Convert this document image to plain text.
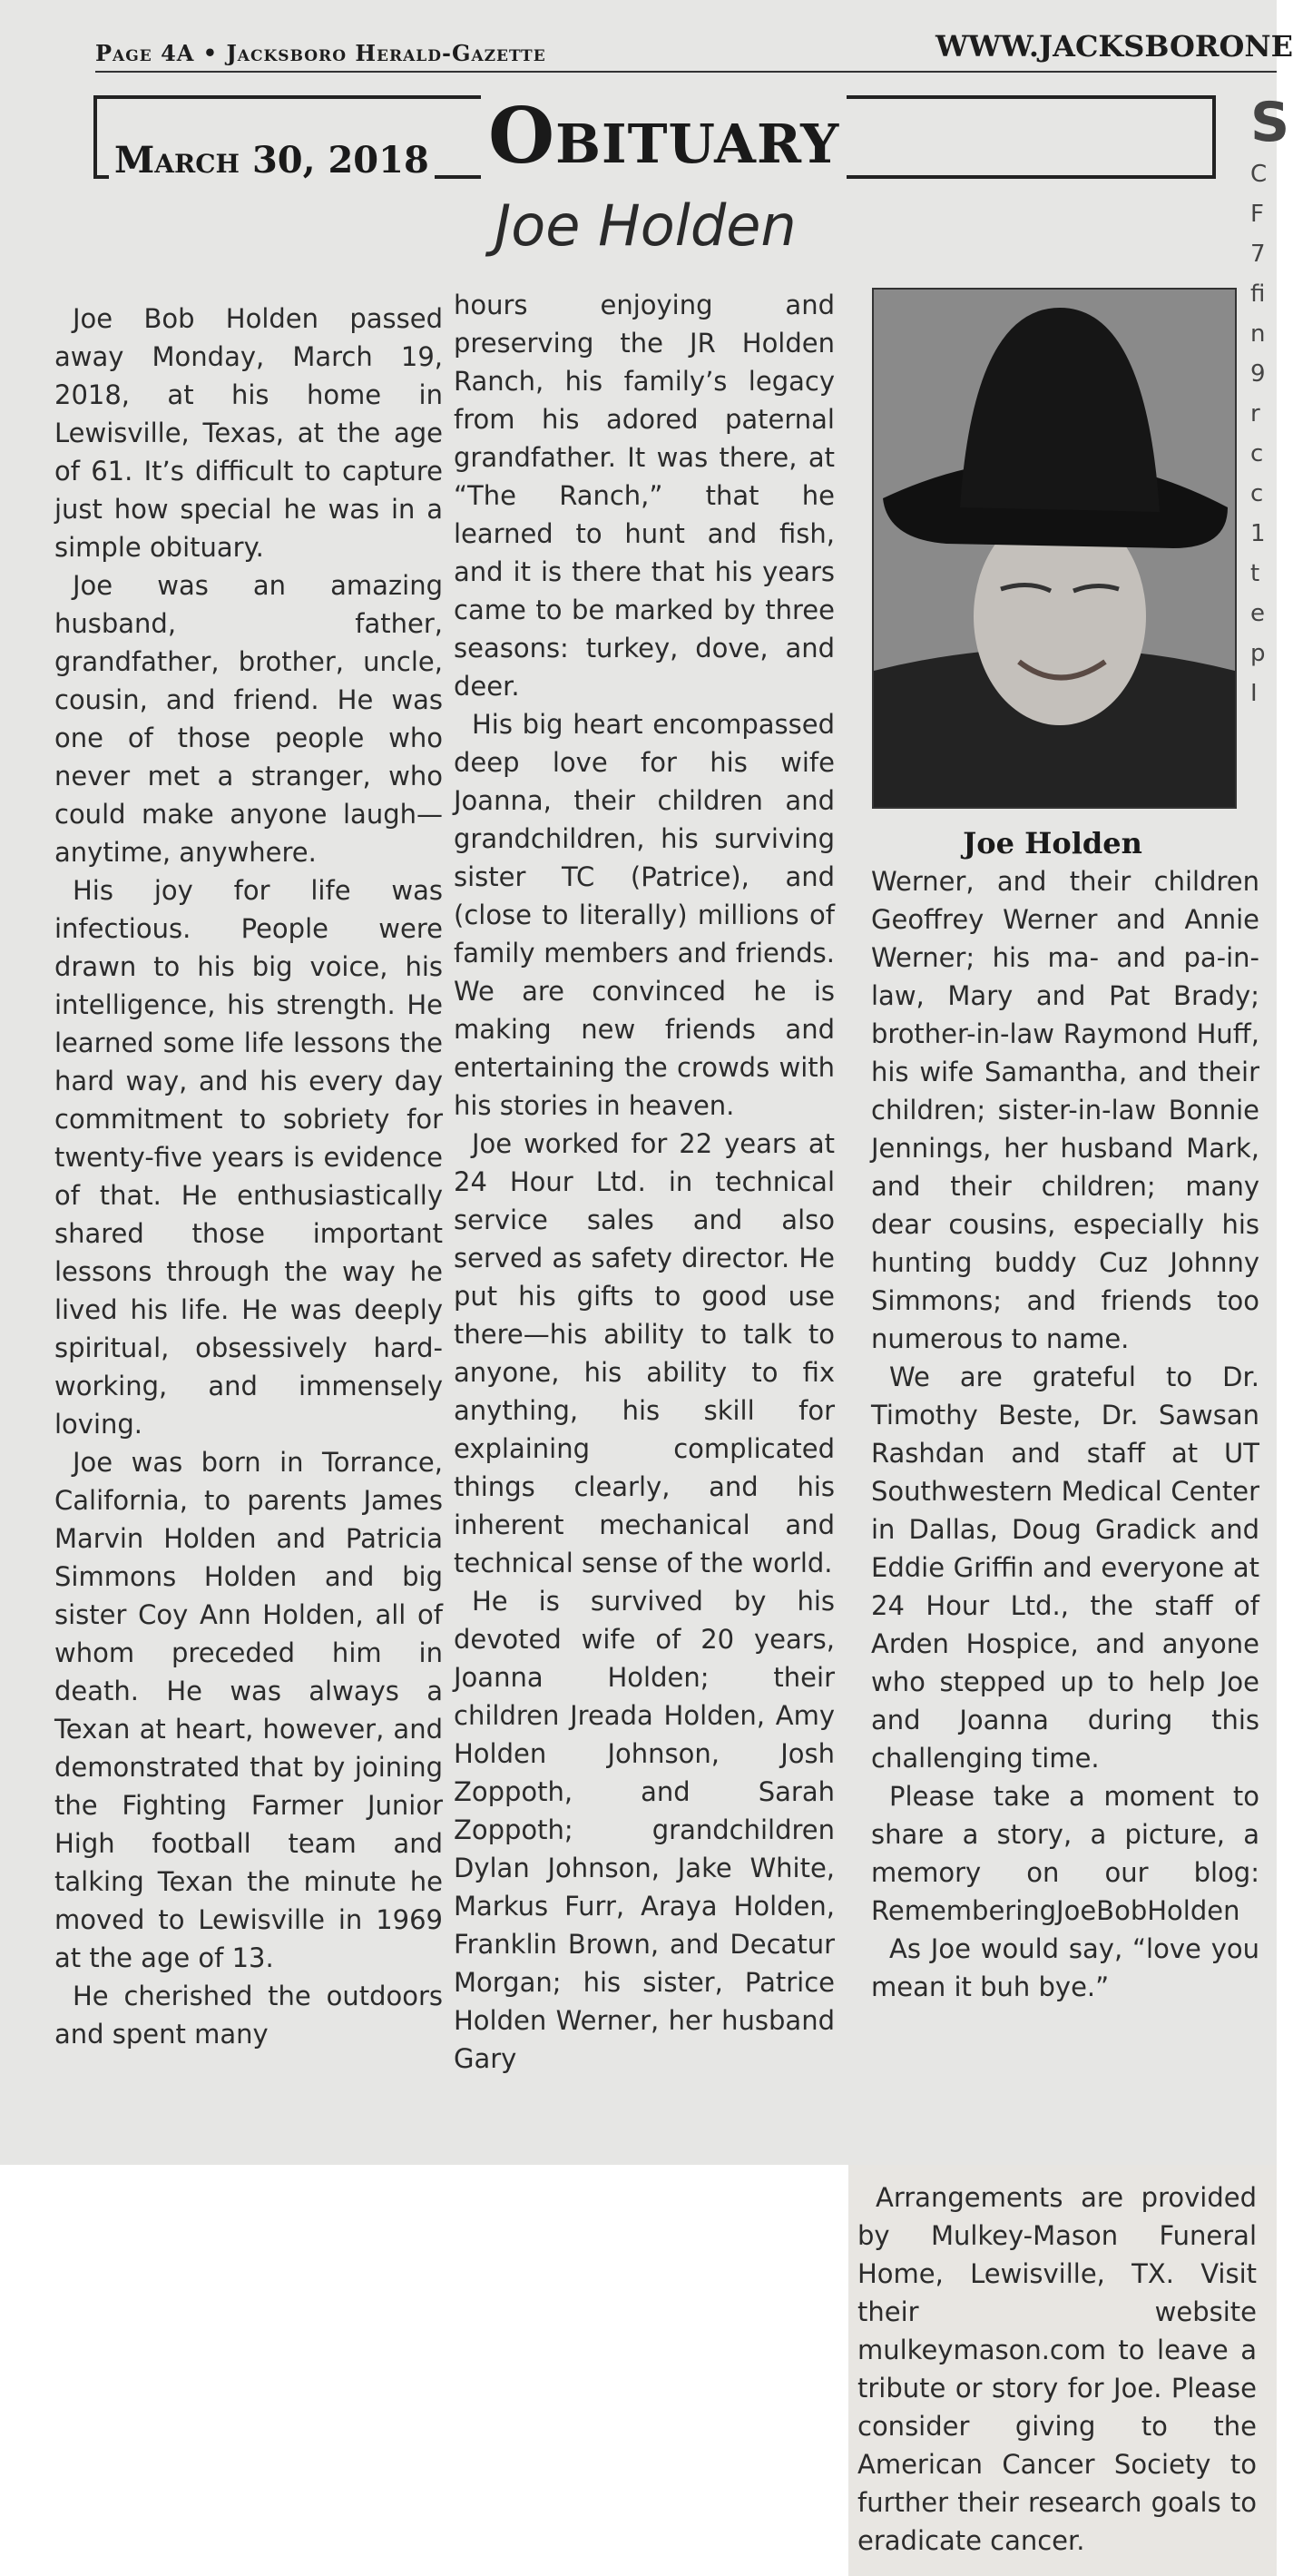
Page 4A • Jacksboro Herald-Gazette	WWW.JACKSBORONE
March 30, 2018 Obituary
Joe Holden

Joe Bob Holden passed away Monday, March 19, 2018, at his home in Lewisville, Texas, at the age of 61. It’s difficult to capture just how special he was in a simple obituary.

Joe was an amazing husband, father, grandfather, brother, uncle, cousin, and friend. He was one of those people who never met a stranger, who could make anyone laugh—anytime, anywhere.

His joy for life was infectious. People were drawn to his big voice, his intelligence, his strength. He learned some life lessons the hard way, and his every day commitment to sobriety for twenty-five years is evidence of that. He enthusiastically shared those important lessons through the way he lived his life. He was deeply spiritual, obsessively hard-working, and immensely loving.

Joe was born in Torrance, California, to parents James Marvin Holden and Patricia Simmons Holden and big sister Coy Ann Holden, all of whom preceded him in death. He was always a Texan at heart, however, and demonstrated that by joining the Fighting Farmer Junior High football team and talking Texan the minute he moved to Lewisville in 1969 at the age of 13.

He cherished the outdoors and spent many

hours enjoying and preserving the JR Holden Ranch, his family’s legacy from his adored paternal grandfather. It was there, at “The Ranch,” that he learned to hunt and fish, and it is there that his years came to be marked by three seasons: turkey, dove, and deer.

His big heart encompassed deep love for his wife Joanna, their children and grandchildren, his surviving sister TC (Patrice), and (close to literally) millions of family members and friends. We are convinced he is making new friends and entertaining the crowds with his stories in heaven.

Joe worked for 22 years at 24 Hour Ltd. in technical service sales and also served as safety director. He put his gifts to good use there—his ability to talk to anyone, his ability to fix anything, his skill for explaining complicated things clearly, and his inherent mechanical and technical sense of the world.

He is survived by his devoted wife of 20 years, Joanna Holden; their children Jreada Holden, Amy Holden Johnson, Josh Zoppoth, and Sarah Zoppoth; grandchildren Dylan Johnson, Jake White, Markus Furr, Araya Holden, Franklin Brown, and Decatur Morgan; his sister, Patrice Holden Werner, her husband Gary

Joe Holden

Werner, and their children Geoffrey Werner and Annie Werner; his ma- and pa-in-law, Mary and Pat Brady; brother-in-law Raymond Huff, his wife Samantha, and their children; sister-in-law Bonnie Jennings, her husband Mark, and their children; many dear cousins, especially his hunting buddy Cuz Johnny Simmons; and friends too numerous to name.

We are grateful to Dr. Timothy Beste, Dr. Sawsan Rashdan and staff at UT Southwestern Medical Center in Dallas, Doug Gradick and Eddie Griffin and everyone at 24 Hour Ltd., the staff of Arden Hospice, and anyone who stepped up to help Joe and Joanna during this challenging time.

Please take a moment to share a story, a picture, a memory on our blog: RememberingJoeBobHolden

As Joe would say, “love you mean it buh bye.”

S
C
F
7
fi
n
9
r
c
c
1
t
e
p
I

Arrangements are provided by Mulkey-Mason Funeral Home, Lewisville, TX. Visit their website mulkeymason.com to leave a tribute or story for Joe. Please consider giving to the American Cancer Society to further their research goals to eradicate cancer.
